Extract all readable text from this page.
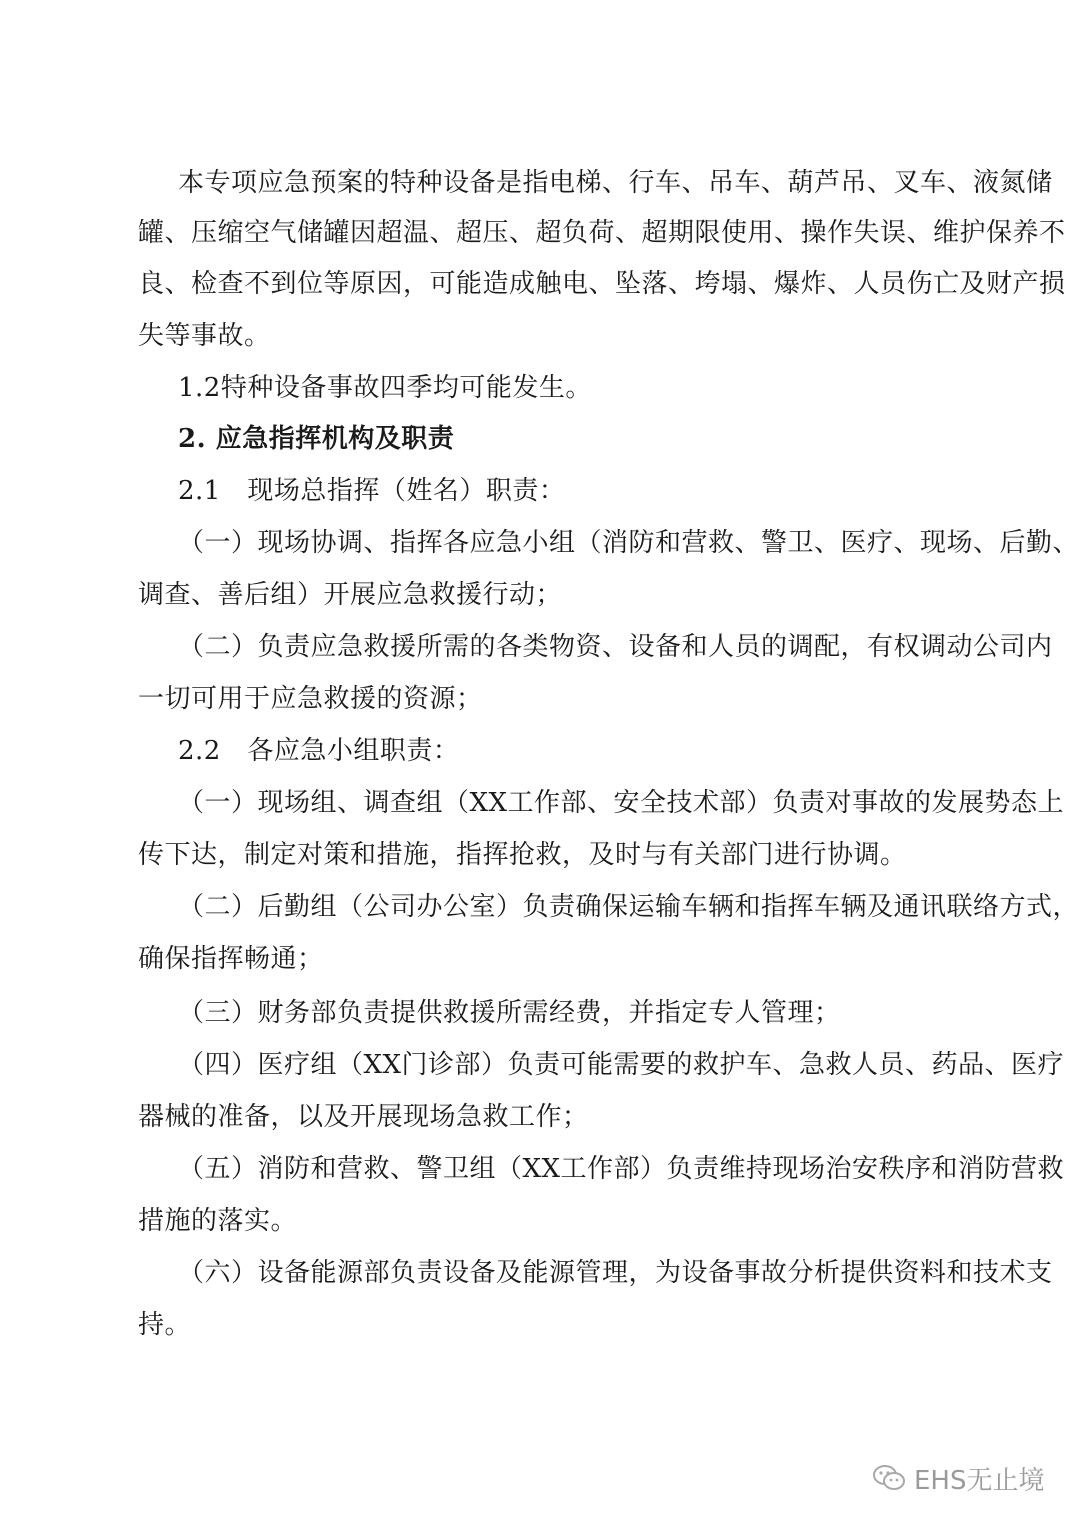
本专项应急预案的特种设备是指电梯、行车、吊车、葫芦吊、叉车、液氮储
罐、压缩空气储罐因超温、超压、超负荷、超期限使用、操作失误、维护保养不
良、检查不到位等原因，可能造成触电、坠落、垮塌、爆炸、人员伤亡及财产损
失等事故。
1.2特种设备事故四季均可能发生。
2. 应急指挥机构及职责
2.1　现场总指挥（姓名）职责：
（一）现场协调、指挥各应急小组（消防和营救、警卫、医疗、现场、后勤、
调查、善后组）开展应急救援行动；
（二）负责应急救援所需的各类物资、设备和人员的调配，有权调动公司内
一切可用于应急救援的资源；
2.2　各应急小组职责：
（一）现场组、调查组（XX工作部、安全技术部）负责对事故的发展势态上
传下达，制定对策和措施，指挥抢救，及时与有关部门进行协调。
（二）后勤组（公司办公室）负责确保运输车辆和指挥车辆及通讯联络方式，
确保指挥畅通；
（三）财务部负责提供救援所需经费，并指定专人管理；
（四）医疗组（XX门诊部）负责可能需要的救护车、急救人员、药品、医疗
器械的准备，以及开展现场急救工作；
（五）消防和营救、警卫组（XX工作部）负责维持现场治安秩序和消防营救
措施的落实。
（六）设备能源部负责设备及能源管理，为设备事故分析提供资料和技术支
持。
EHS无止境
